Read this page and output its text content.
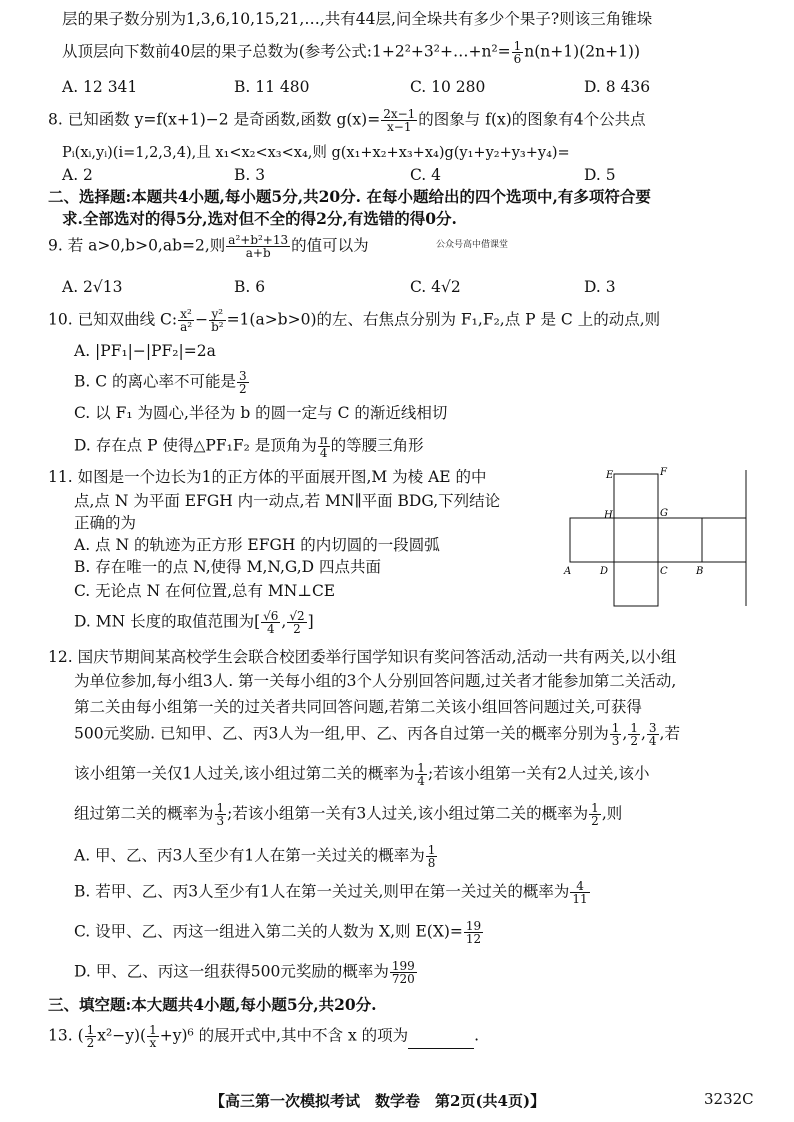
层的果子数分别为1,3,6,10,15,21,…,共有44层,问全垛共有多少个果子?则该三角锥垛
从顶层向下数前40层的果子总数为(参考公式:1+2²+3²+…+n²= $\frac{1}{6} n(n+1)(2n+1)$)
A. 12 341	B. 11 480	C. 10 280	D. 8 436
8. 已知函数 y=f(x+1)−2 是奇函数,函数 $g(x)= \frac{2x-1}{x-1}$ 的图象与 f(x)的图象有4个公共点
Pᵢ(xᵢ,yᵢ)(i=1,2,3,4),且 x₁<x₂<x₃<x₄,则 g(x₁+x₂+x₃+x₄)g(y₁+y₂+y₃+y₄)=
A. 2	B. 3	C. 4	D. 5
二、选择题:本题共4小题,每小题5分,共20分. 在每小题给出的四个选项中,有多项符合要
求.全部选对的得5分,选对但不全的得2分,有选错的得0分.
9. 若 a>0,b>0,ab=2,则 $\frac{\text{a²+b²+13}}{a+b}$ 的值可以为	公众号高中借课堂
A. 2√13	B. 6	C. 4√2	D. 3
10. 已知双曲线 C: $\frac{\text{x²}}{\text{a²}} - \frac{\text{y²}}{\text{b²}} =1(a>b>0)$的左、右焦点分别为 F₁,F₂,点 P 是 C 上的动点,则
A. |PF₁|−|PF₂|=2a
B. C 的离心率不可能是 $\frac{3}{2}$
C. 以 F₁ 为圆心,半径为 b 的圆一定与 C 的渐近线相切
D. 存在点 P 使得△PF₁F₂ 是顶角为 $\frac{\pi}{4}$ 的等腰三角形
11. 如图是一个边长为1的正方体的平面展开图,M 为棱 AE 的中
点,点 N 为平面 EFGH 内一动点,若 MN∥平面 BDG,下列结论
正确的为
A. 点 N 的轨迹为正方形 EFGH 的内切圆的一段圆弧
B. 存在唯一的点 N,使得 M,N,G,D 四点共面
C. 无论点 N 在何位置,总有 MN⊥CE
D. MN 长度的取值范围为[ $\frac{√6}{4}$ , $\frac{√2}{2}$ ]
E	F
H	G
A	D	C	B
12. 国庆节期间某高校学生会联合校团委举行国学知识有奖问答活动,活动一共有两关,以小组
为单位参加,每小组3人. 第一关每小组的3个人分别回答问题,过关者才能参加第二关活动,
第二关由每小组第一关的过关者共同回答问题,若第二关该小组回答问题过关,可获得
500元奖励. 已知甲、乙、丙3人为一组,甲、乙、丙各自过第一关的概率分别为 $\frac{1}{3}$ , $\frac{1}{2}$ , $\frac{3}{4}$ ,若
该小组第一关仅1人过关,该小组过第二关的概率为 $\frac{1}{4}$ ;若该小组第一关有2人过关,该小
组过第二关的概率为 $\frac{1}{3}$ ;若该小组第一关有3人过关,该小组过第二关的概率为 $\frac{1}{2}$ ,则
A. 甲、乙、丙3人至少有1人在第一关过关的概率为 $\frac{1}{8}$
B. 若甲、乙、丙3人至少有1人在第一关过关,则甲在第一关过关的概率为 $\frac{4}{11}$
C. 设甲、乙、丙这一组进入第二关的人数为 X,则 $E(X)= \frac{19}{12}$
D. 甲、乙、丙这一组获得500元奖励的概率为 $\frac{199}{720}$
三、填空题:本大题共4小题,每小题5分,共20分.
13. ( $\frac{1}{2} x^2-y)( \frac{1}{x} +y)^6$ 的展开式中,其中不含 x 的项为	.
【高三第一次模拟考试　数学卷　第2页(共4页)】	3232C
